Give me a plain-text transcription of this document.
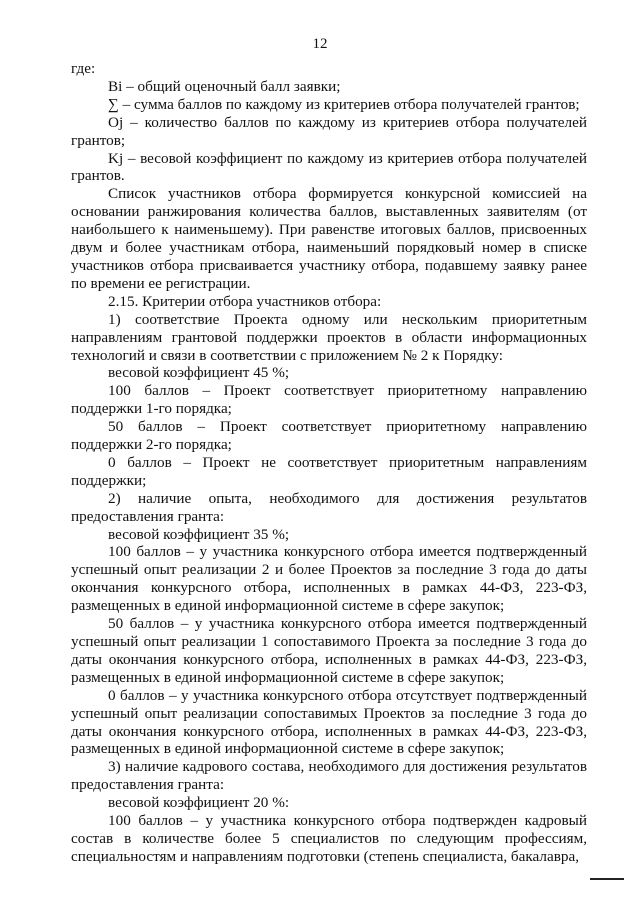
12

где:

Bi – общий оценочный балл заявки;

∑ – сумма баллов по каждому из критериев отбора получателей грантов;

Oj – количество баллов по каждому из критериев отбора получателей грантов;

Kj – весовой коэффициент по каждому из критериев отбора получателей грантов.

Список участников отбора формируется конкурсной комиссией на основании ранжирования количества баллов, выставленных заявителям (от наибольшего к наименьшему). При равенстве итоговых баллов, присвоенных двум и более участникам отбора, наименьший порядковый номер в списке участников отбора присваивается участнику отбора, подавшему заявку ранее по времени ее регистрации.

2.15. Критерии отбора участников отбора:

1) соответствие Проекта одному или нескольким приоритетным направлениям грантовой поддержки проектов в области информационных технологий и связи в соответствии с приложением № 2 к Порядку:

весовой коэффициент 45 %;

100 баллов – Проект соответствует приоритетному направлению поддержки 1-го порядка;

50 баллов – Проект соответствует приоритетному направлению поддержки 2-го порядка;

0 баллов – Проект не соответствует приоритетным направлениям поддержки;

2) наличие опыта, необходимого для достижения результатов предоставления гранта:

весовой коэффициент 35 %;

100 баллов – у участника конкурсного отбора имеется подтвержденный успешный опыт реализации 2 и более Проектов за последние 3 года до даты окончания конкурсного отбора, исполненных в рамках 44-ФЗ, 223-ФЗ, размещенных в единой информационной системе в сфере закупок;

50 баллов – у участника конкурсного отбора имеется подтвержденный успешный опыт реализации 1 сопоставимого Проекта за последние 3 года до даты окончания конкурсного отбора, исполненных в рамках 44-ФЗ, 223-ФЗ, размещенных в единой информационной системе в сфере закупок;

0 баллов – у участника конкурсного отбора отсутствует подтвержденный успешный опыт реализации сопоставимых Проектов за последние 3 года до даты окончания конкурсного отбора, исполненных в рамках 44-ФЗ, 223-ФЗ, размещенных в единой информационной системе в сфере закупок;

3) наличие кадрового состава, необходимого для достижения результатов предоставления гранта:

весовой коэффициент 20 %:

100 баллов – у участника конкурсного отбора подтвержден кадровый состав в количестве более 5 специалистов по следующим профессиям, специальностям и направлениям подготовки (степень специалиста, бакалавра,
